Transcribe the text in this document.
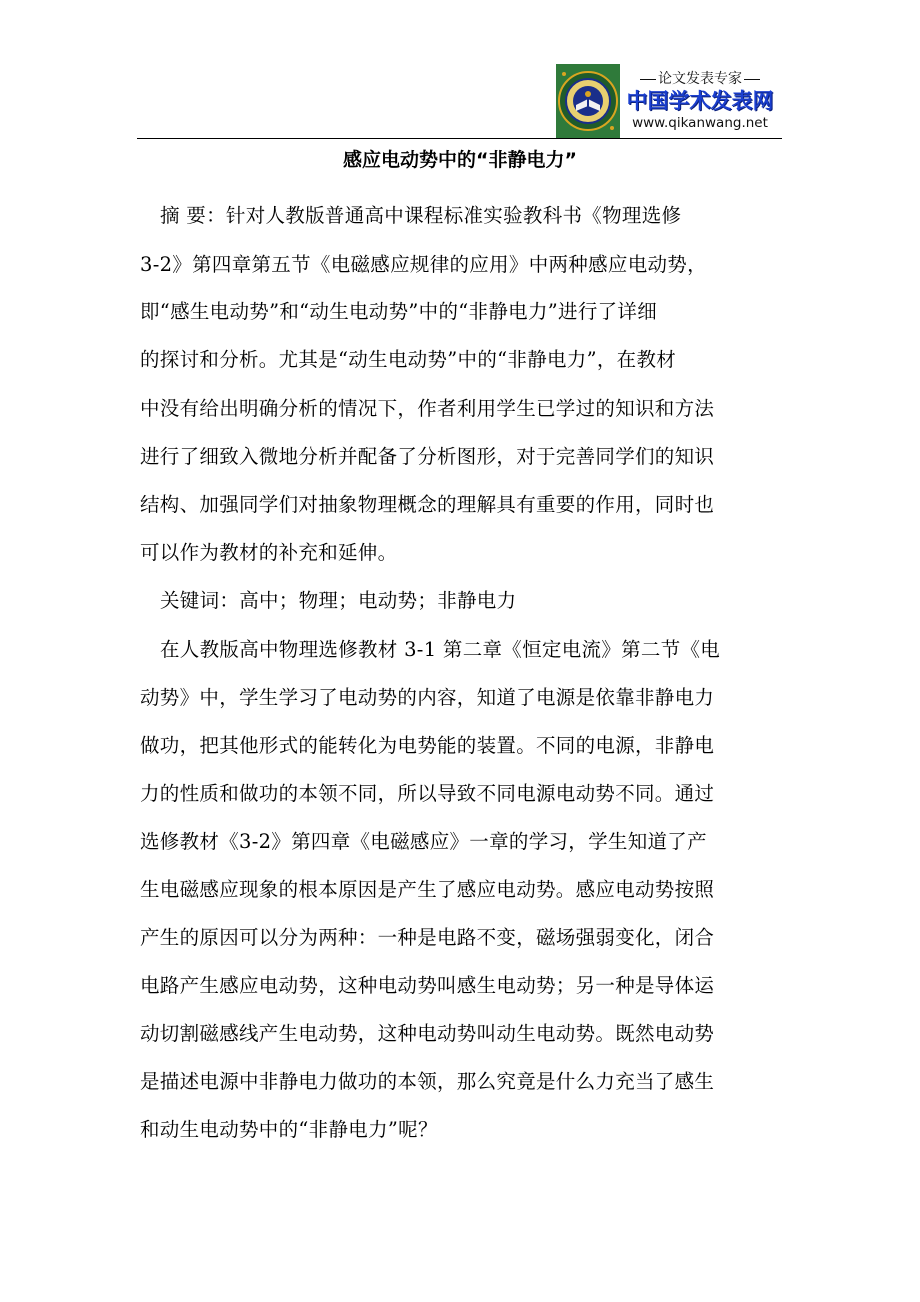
论文发表专家
中国学术发表网
www.qikanwang.net
感应电动势中的“非静电力”
摘 要：针对人教版普通高中课程标准实验教科书《物理选修
3-2》第四章第五节《电磁感应规律的应用》中两种感应电动势，
即“感生电动势”和“动生电动势”中的“非静电力”进行了详细
的探讨和分析。尤其是“动生电动势”中的“非静电力”，在教材
中没有给出明确分析的情况下，作者利用学生已学过的知识和方法
进行了细致入微地分析并配备了分析图形，对于完善同学们的知识
结构、加强同学们对抽象物理概念的理解具有重要的作用，同时也
可以作为教材的补充和延伸。
关键词：高中；物理；电动势；非静电力
在人教版高中物理选修教材 3-1 第二章《恒定电流》第二节《电
动势》中，学生学习了电动势的内容，知道了电源是依靠非静电力
做功，把其他形式的能转化为电势能的装置。不同的电源，非静电
力的性质和做功的本领不同，所以导致不同电源电动势不同。通过
选修教材《3-2》第四章《电磁感应》一章的学习，学生知道了产
生电磁感应现象的根本原因是产生了感应电动势。感应电动势按照
产生的原因可以分为两种：一种是电路不变，磁场强弱变化，闭合
电路产生感应电动势，这种电动势叫感生电动势；另一种是导体运
动切割磁感线产生电动势，这种电动势叫动生电动势。既然电动势
是描述电源中非静电力做功的本领，那么究竟是什么力充当了感生
和动生电动势中的“非静电力”呢？
